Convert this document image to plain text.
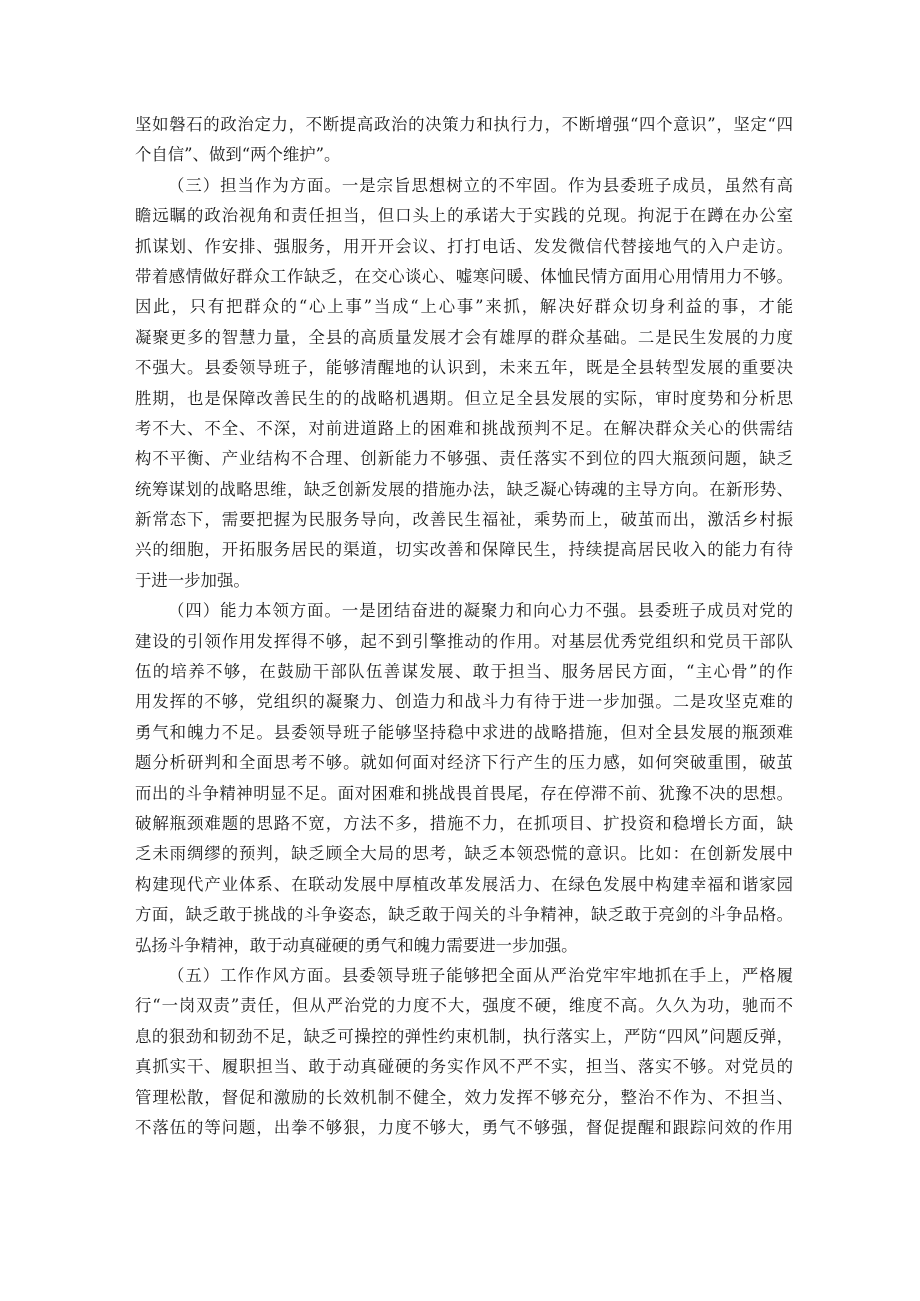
坚如磐石的政治定力，不断提高政治的决策力和执行力，不断增强“四个意识”，坚定“四
个自信”、做到“两个维护”。
（三）担当作为方面。一是宗旨思想树立的不牢固。作为县委班子成员，虽然有高
瞻远瞩的政治视角和责任担当，但口头上的承诺大于实践的兑现。拘泥于在蹲在办公室
抓谋划、作安排、强服务，用开开会议、打打电话、发发微信代替接地气的入户走访。
带着感情做好群众工作缺乏，在交心谈心、嘘寒问暖、体恤民情方面用心用情用力不够。
因此，只有把群众的“心上事”当成“上心事”来抓，解决好群众切身利益的事，才能
凝聚更多的智慧力量，全县的高质量发展才会有雄厚的群众基础。二是民生发展的力度
不强大。县委领导班子，能够清醒地的认识到，未来五年，既是全县转型发展的重要决
胜期，也是保障改善民生的的战略机遇期。但立足全县发展的实际，审时度势和分析思
考不大、不全、不深，对前进道路上的困难和挑战预判不足。在解决群众关心的供需结
构不平衡、产业结构不合理、创新能力不够强、责任落实不到位的四大瓶颈问题，缺乏
统筹谋划的战略思维，缺乏创新发展的措施办法，缺乏凝心铸魂的主导方向。在新形势、
新常态下，需要把握为民服务导向，改善民生福祉，乘势而上，破茧而出，激活乡村振
兴的细胞，开拓服务居民的渠道，切实改善和保障民生，持续提高居民收入的能力有待
于进一步加强。
（四）能力本领方面。一是团结奋进的凝聚力和向心力不强。县委班子成员对党的
建设的引领作用发挥得不够，起不到引擎推动的作用。对基层优秀党组织和党员干部队
伍的培养不够，在鼓励干部队伍善谋发展、敢于担当、服务居民方面，“主心骨”的作
用发挥的不够，党组织的凝聚力、创造力和战斗力有待于进一步加强。二是攻坚克难的
勇气和魄力不足。县委领导班子能够坚持稳中求进的战略措施，但对全县发展的瓶颈难
题分析研判和全面思考不够。就如何面对经济下行产生的压力感，如何突破重围，破茧
而出的斗争精神明显不足。面对困难和挑战畏首畏尾，存在停滞不前、犹豫不决的思想。
破解瓶颈难题的思路不宽，方法不多，措施不力，在抓项目、扩投资和稳增长方面，缺
乏未雨绸缪的预判，缺乏顾全大局的思考，缺乏本领恐慌的意识。比如：在创新发展中
构建现代产业体系、在联动发展中厚植改革发展活力、在绿色发展中构建幸福和谐家园
方面，缺乏敢于挑战的斗争姿态，缺乏敢于闯关的斗争精神，缺乏敢于亮剑的斗争品格。
弘扬斗争精神，敢于动真碰硬的勇气和魄力需要进一步加强。
（五）工作作风方面。县委领导班子能够把全面从严治党牢牢地抓在手上，严格履
行“一岗双责”责任，但从严治党的力度不大，强度不硬，维度不高。久久为功，驰而不
息的狠劲和韧劲不足，缺乏可操控的弹性约束机制，执行落实上，严防“四风”问题反弹，
真抓实干、履职担当、敢于动真碰硬的务实作风不严不实，担当、落实不够。对党员的
管理松散，督促和激励的长效机制不健全，效力发挥不够充分，整治不作为、不担当、
不落伍的等问题，出拳不够狠，力度不够大，勇气不够强，督促提醒和跟踪问效的作用
